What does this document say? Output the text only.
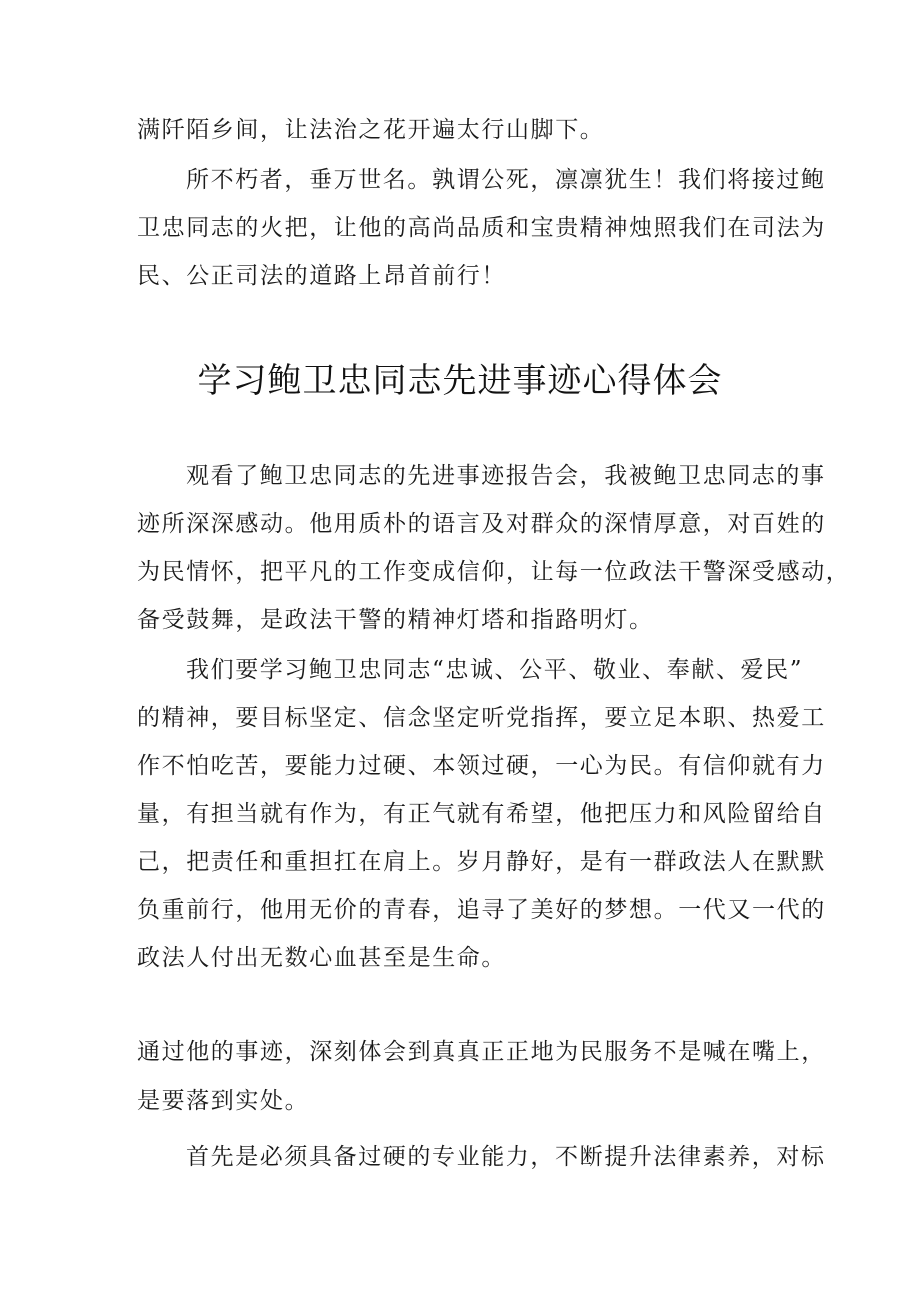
满阡陌乡间，让法治之花开遍太行山脚下。
所不朽者，垂万世名。孰谓公死，凛凛犹生！我们将接过鲍
卫忠同志的火把，让他的高尚品质和宝贵精神烛照我们在司法为
民、公正司法的道路上昂首前行！
学习鲍卫忠同志先进事迹心得体会
观看了鲍卫忠同志的先进事迹报告会，我被鲍卫忠同志的事
迹所深深感动。他用质朴的语言及对群众的深情厚意，对百姓的
为民情怀，把平凡的工作变成信仰，让每一位政法干警深受感动，
备受鼓舞，是政法干警的精神灯塔和指路明灯。
我们要学习鲍卫忠同志“忠诚、公平、敬业、奉献、爱民”
的精神，要目标坚定、信念坚定听党指挥，要立足本职、热爱工
作不怕吃苦，要能力过硬、本领过硬，一心为民。有信仰就有力
量，有担当就有作为，有正气就有希望，他把压力和风险留给自
己，把责任和重担扛在肩上。岁月静好，是有一群政法人在默默
负重前行，他用无价的青春，追寻了美好的梦想。一代又一代的
政法人付出无数心血甚至是生命。
通过他的事迹，深刻体会到真真正正地为民服务不是喊在嘴上，
是要落到实处。
首先是必须具备过硬的专业能力，不断提升法律素养，对标
